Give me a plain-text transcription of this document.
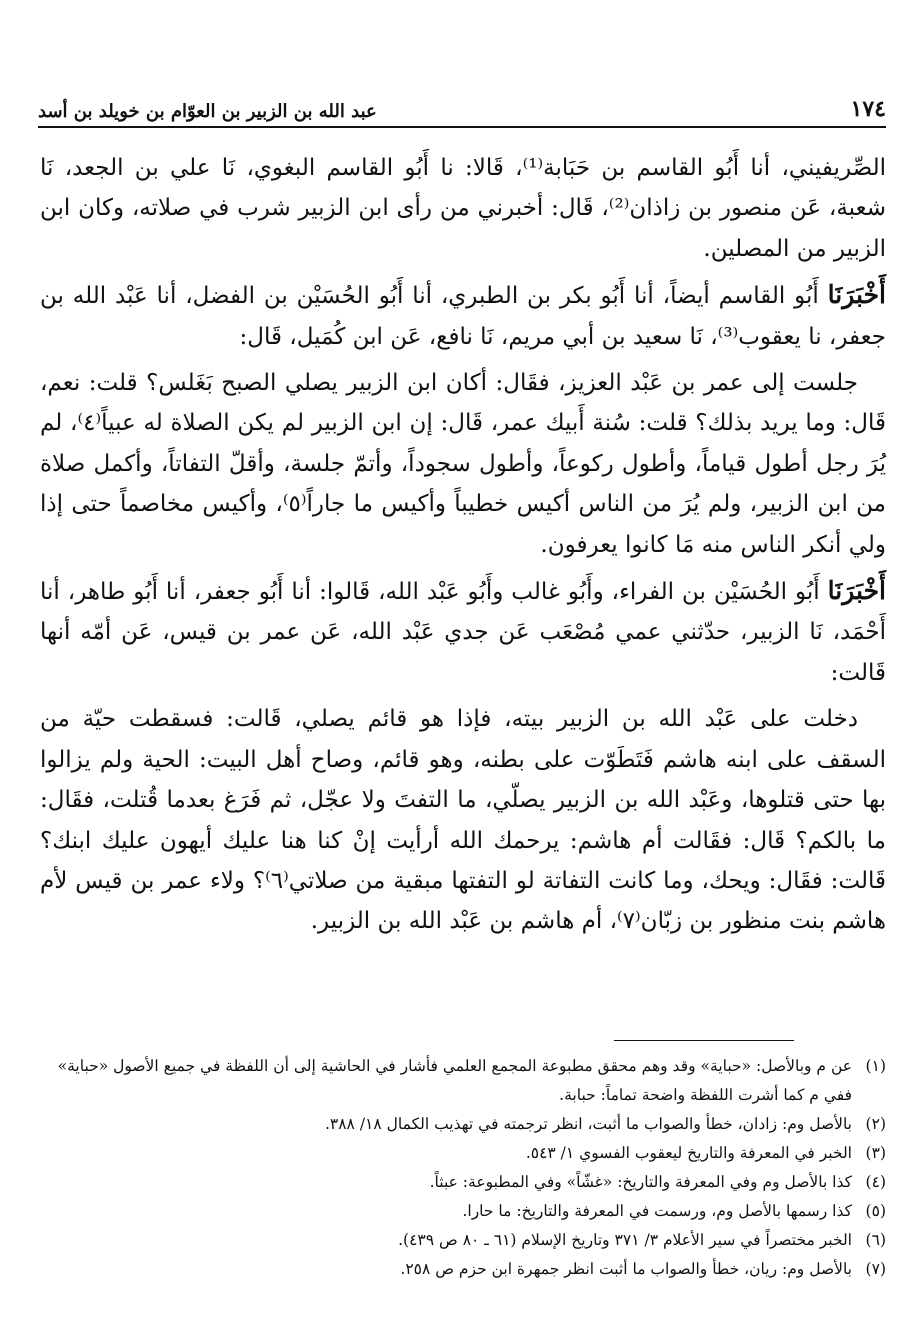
١٧٤
عبد الله بن الزبير بن العوّام بن خويلد بن أسد

الصِّريفيني، أنا أَبُو القاسم بن حَبَابة⁽¹⁾، قَالا: نا أَبُو القاسم البغوي، نَا علي بن الجعد، نَا شعبة، عَن منصور بن زاذان⁽²⁾، قَال: أخبرني من رأى ابن الزبير شرب في صلاته، وكان ابن الزبير من المصلين.

أَخْبَرَنَا أَبُو القاسم أيضاً، أنا أَبُو بكر بن الطبري، أنا أَبُو الحُسَيْن بن الفضل، أنا عَبْد الله بن جعفر، نا يعقوب⁽³⁾، نَا سعيد بن أبي مريم، نَا نافع، عَن ابن كُمَيل، قَال:

جلست إلى عمر بن عَبْد العزيز، فقَال: أكان ابن الزبير يصلي الصبح بَغَلس؟ قلت: نعم، قَال: وما يريد بذلك؟ قلت: سُنة أَبيك عمر، قَال: إن ابن الزبير لم يكن الصلاة له عبياً⁽٤⁾، لم يُرَ رجل أطول قياماً، وأطول ركوعاً، وأطول سجوداً، وأتمّ جلسة، وأقلّ التفاتاً، وأكمل صلاة من ابن الزبير، ولم يُرَ من الناس أكيس خطيباً وأكيس ما جاراً⁽٥⁾، وأكيس مخاصماً حتى إذا ولي أنكر الناس منه مَا كانوا يعرفون.

أَخْبَرَنَا أَبُو الحُسَيْن بن الفراء، وأَبُو غالب وأَبُو عَبْد الله، قَالوا: أنا أَبُو جعفر، أنا أَبُو طاهر، أنا أَحْمَد، نَا الزبير، حدّثني عمي مُصْعَب عَن جدي عَبْد الله، عَن عمر بن قيس، عَن أمّه أنها قَالت:

دخلت على عَبْد الله بن الزبير بيته، فإذا هو قائم يصلي، قَالت: فسقطت حيّة من السقف على ابنه هاشم فَتَطَوّت على بطنه، وهو قائم، وصاح أهل البيت: الحية ولم يزالوا بها حتى قتلوها، وعَبْد الله بن الزبير يصلّي، ما التفتَ ولا عجّل، ثم فَرَغ بعدما قُتلت، فقَال: ما بالكم؟ قَال: فقَالت أم هاشم: يرحمك الله أرأيت إنْ كنا هنا عليك أيهون عليك ابنك؟ قَالت: فقَال: ويحك، وما كانت التفاتة لو التفتها مبقية من صلاتي⁽٦⁾؟ ولاء عمر بن قيس لأم هاشم بنت منظور بن زبّان⁽٧⁾، أم هاشم بن عَبْد الله بن الزبير.

(١)
عن م وبالأصل: «حباية» وقد وهم محقق مطبوعة المجمع العلمي فأشار في الحاشية إلى أن اللفظة في جميع الأصول «حباية» ففي م كما أشرت اللفظة واضحة تماماً: حبابة.
(٢)
بالأصل وم: زادان، خطأ والصواب ما أثبت، انظر ترجمته في تهذيب الكمال ١٨/ ٣٨٨.
(٣)
الخبر في المعرفة والتاريخ ليعقوب الفسوي ١/ ٥٤٣.
(٤)
كذا بالأصل وم وفي المعرفة والتاريخ: «غشّاً» وفي المطبوعة: عبثاً.
(٥)
كذا رسمها بالأصل وم، ورسمت في المعرفة والتاريخ: ما حارا.
(٦)
الخبر مختصراً في سير الأعلام ٣/ ٣٧١ وتاريخ الإسلام (٦١ ـ ٨٠ ص ٤٣٩).
(٧)
بالأصل وم: ريان، خطأ والصواب ما أثبت انظر جمهرة ابن حزم ص ٢٥٨.
